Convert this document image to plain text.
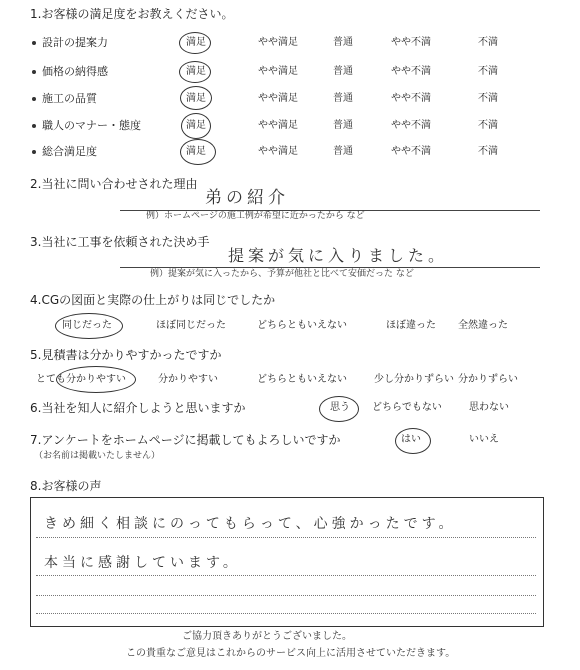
1.お客様の満足度をお教えください。
設計の提案力	満足	やや満足	普通	やや不満	不満
価格の納得感	満足	やや満足	普通	やや不満	不満
施工の品質	満足	やや満足	普通	やや不満	不満
職人のマナー・態度	満足	やや満足	普通	やや不満	不満
総合満足度	満足	やや満足	普通	やや不満	不満
2.当社に問い合わせされた理由
弟の紹介
例）ホームページの施工例が希望に近かったから など
3.当社に工事を依頼された決め手
提案が気に入りました。
例）提案が気に入ったから、予算が他社と比べて安価だった など
4.CGの図面と実際の仕上がりは同じでしたか
同じだった	ほぼ同じだった	どちらともいえない	ほぼ違った 全然違った
5.見積書は分かりやすかったですか
とても分かりやすい	分かりやすい	どちらともいえない	少し分かりずらい 分かりずらい
6.当社を知人に紹介しようと思いますか	思う どちらでもない	思わない
7.アンケートをホームページに掲載してもよろしいですか
（お名前は掲載いたしません）
はい	いいえ
8.お客様の声
きめ細く相談にのってもらって、心強かったです。
本当に感謝しています。
ご協力頂きありがとうございました。
この貴重なご意見はこれからのサービス向上に活用させていただきます。
